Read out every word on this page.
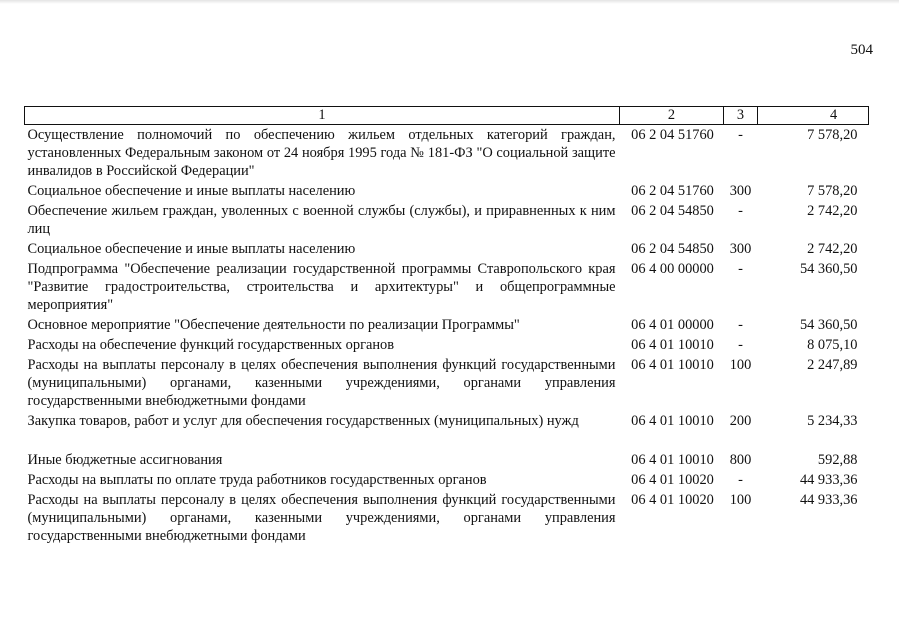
504
1	2	3	4
Осуществление полномочий по обеспечению жильем отдельных категорий граждан, установленных Федеральным законом от 24 ноября 1995 года № 181-ФЗ "О социальной защите инвалидов в Российской Федерации"	06 2 04 51760	-	7 578,20
Социальное обеспечение и иные выплаты населению	06 2 04 51760	300	7 578,20
Обеспечение жильем граждан, уволенных с военной службы (службы), и приравненных к ним лиц	06 2 04 54850	-	2 742,20
Социальное обеспечение и иные выплаты населению	06 2 04 54850	300	2 742,20
Подпрограмма "Обеспечение реализации государственной программы Ставропольского края "Развитие градостроительства, строительства и архитектуры" и общепрограммные мероприятия"	06 4 00 00000	-	54 360,50
Основное мероприятие "Обеспечение деятельности по реализации Программы"	06 4 01 00000	-	54 360,50
Расходы на обеспечение функций государственных органов	06 4 01 10010	-	8 075,10
Расходы на выплаты персоналу в целях обеспечения выполнения функций государственными (муниципальными) органами, казенными учреждениями, органами управления государственными внебюджетными фондами	06 4 01 10010	100	2 247,89
Закупка товаров, работ и услуг для обеспечения государственных (муниципальных) нужд	06 4 01 10010	200	5 234,33
Иные бюджетные ассигнования	06 4 01 10010	800	592,88
Расходы на выплаты по оплате труда работников государственных органов	06 4 01 10020	-	44 933,36
Расходы на выплаты персоналу в целях обеспечения выполнения функций государственными (муниципальными) органами, казенными учреждениями, органами управления государственными внебюджетными фондами	06 4 01 10020	100	44 933,36
